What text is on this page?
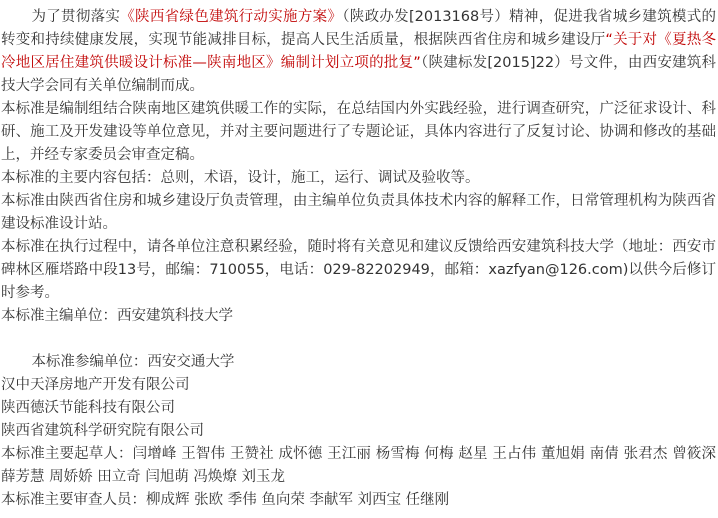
为了贯彻落实《陕西省绿色建筑行动实施方案》（陕政办发[2013168号）精神，促进我省城乡建筑模式的转变和持续健康发展，实现节能减排目标，提高人民生活质量，根据陕西省住房和城乡建设厅“关于对《夏热冬冷地区居住建筑供暖设计标准—陕南地区》编制计划立项的批复”（陕建标发[2015]22）号文件，由西安建筑科技大学会同有关单位编制而成。

本标准是编制组结合陕南地区建筑供暖工作的实际，在总结国内外实践经验，进行调查研究，广泛征求设计、科研、施工及开发建设等单位意见，并对主要问题进行了专题论证，具体内容进行了反复讨论、协调和修改的基础上，并经专家委员会审查定稿。

本标准的主要内容包括：总则，术语，设计，施工，运行、调试及验收等。

本标准由陕西省住房和城乡建设厅负责管理，由主编单位负责具体技术内容的解释工作，日常管理机构为陕西省建设标准设计站。

本标准在执行过程中，请各单位注意积累经验，随时将有关意见和建议反馈给西安建筑科技大学（地址：西安市碑林区雁塔路中段13号，邮编：710055，电话：029-82202949，邮箱：xazfyan@126.com)以供今后修订时参考。

本标准主编单位：西安建筑科技大学

本标准参编单位：西安交通大学

汉中天泽房地产开发有限公司

陕西德沃节能科技有限公司

陕西省建筑科学研究院有限公司

本标准主要起草人：闫增峰 王智伟 王赞社 成怀德 王江丽 杨雪梅 何梅 赵星 王占伟 董旭娟 南倩 张君杰 曾筱深 薛芳慧 周娇娇 田立奇 闫旭萌 冯焕燎 刘玉龙

本标准主要审查人员：柳成辉 张欧 季伟 鱼向荣 李献军 刘西宝 任继刚
